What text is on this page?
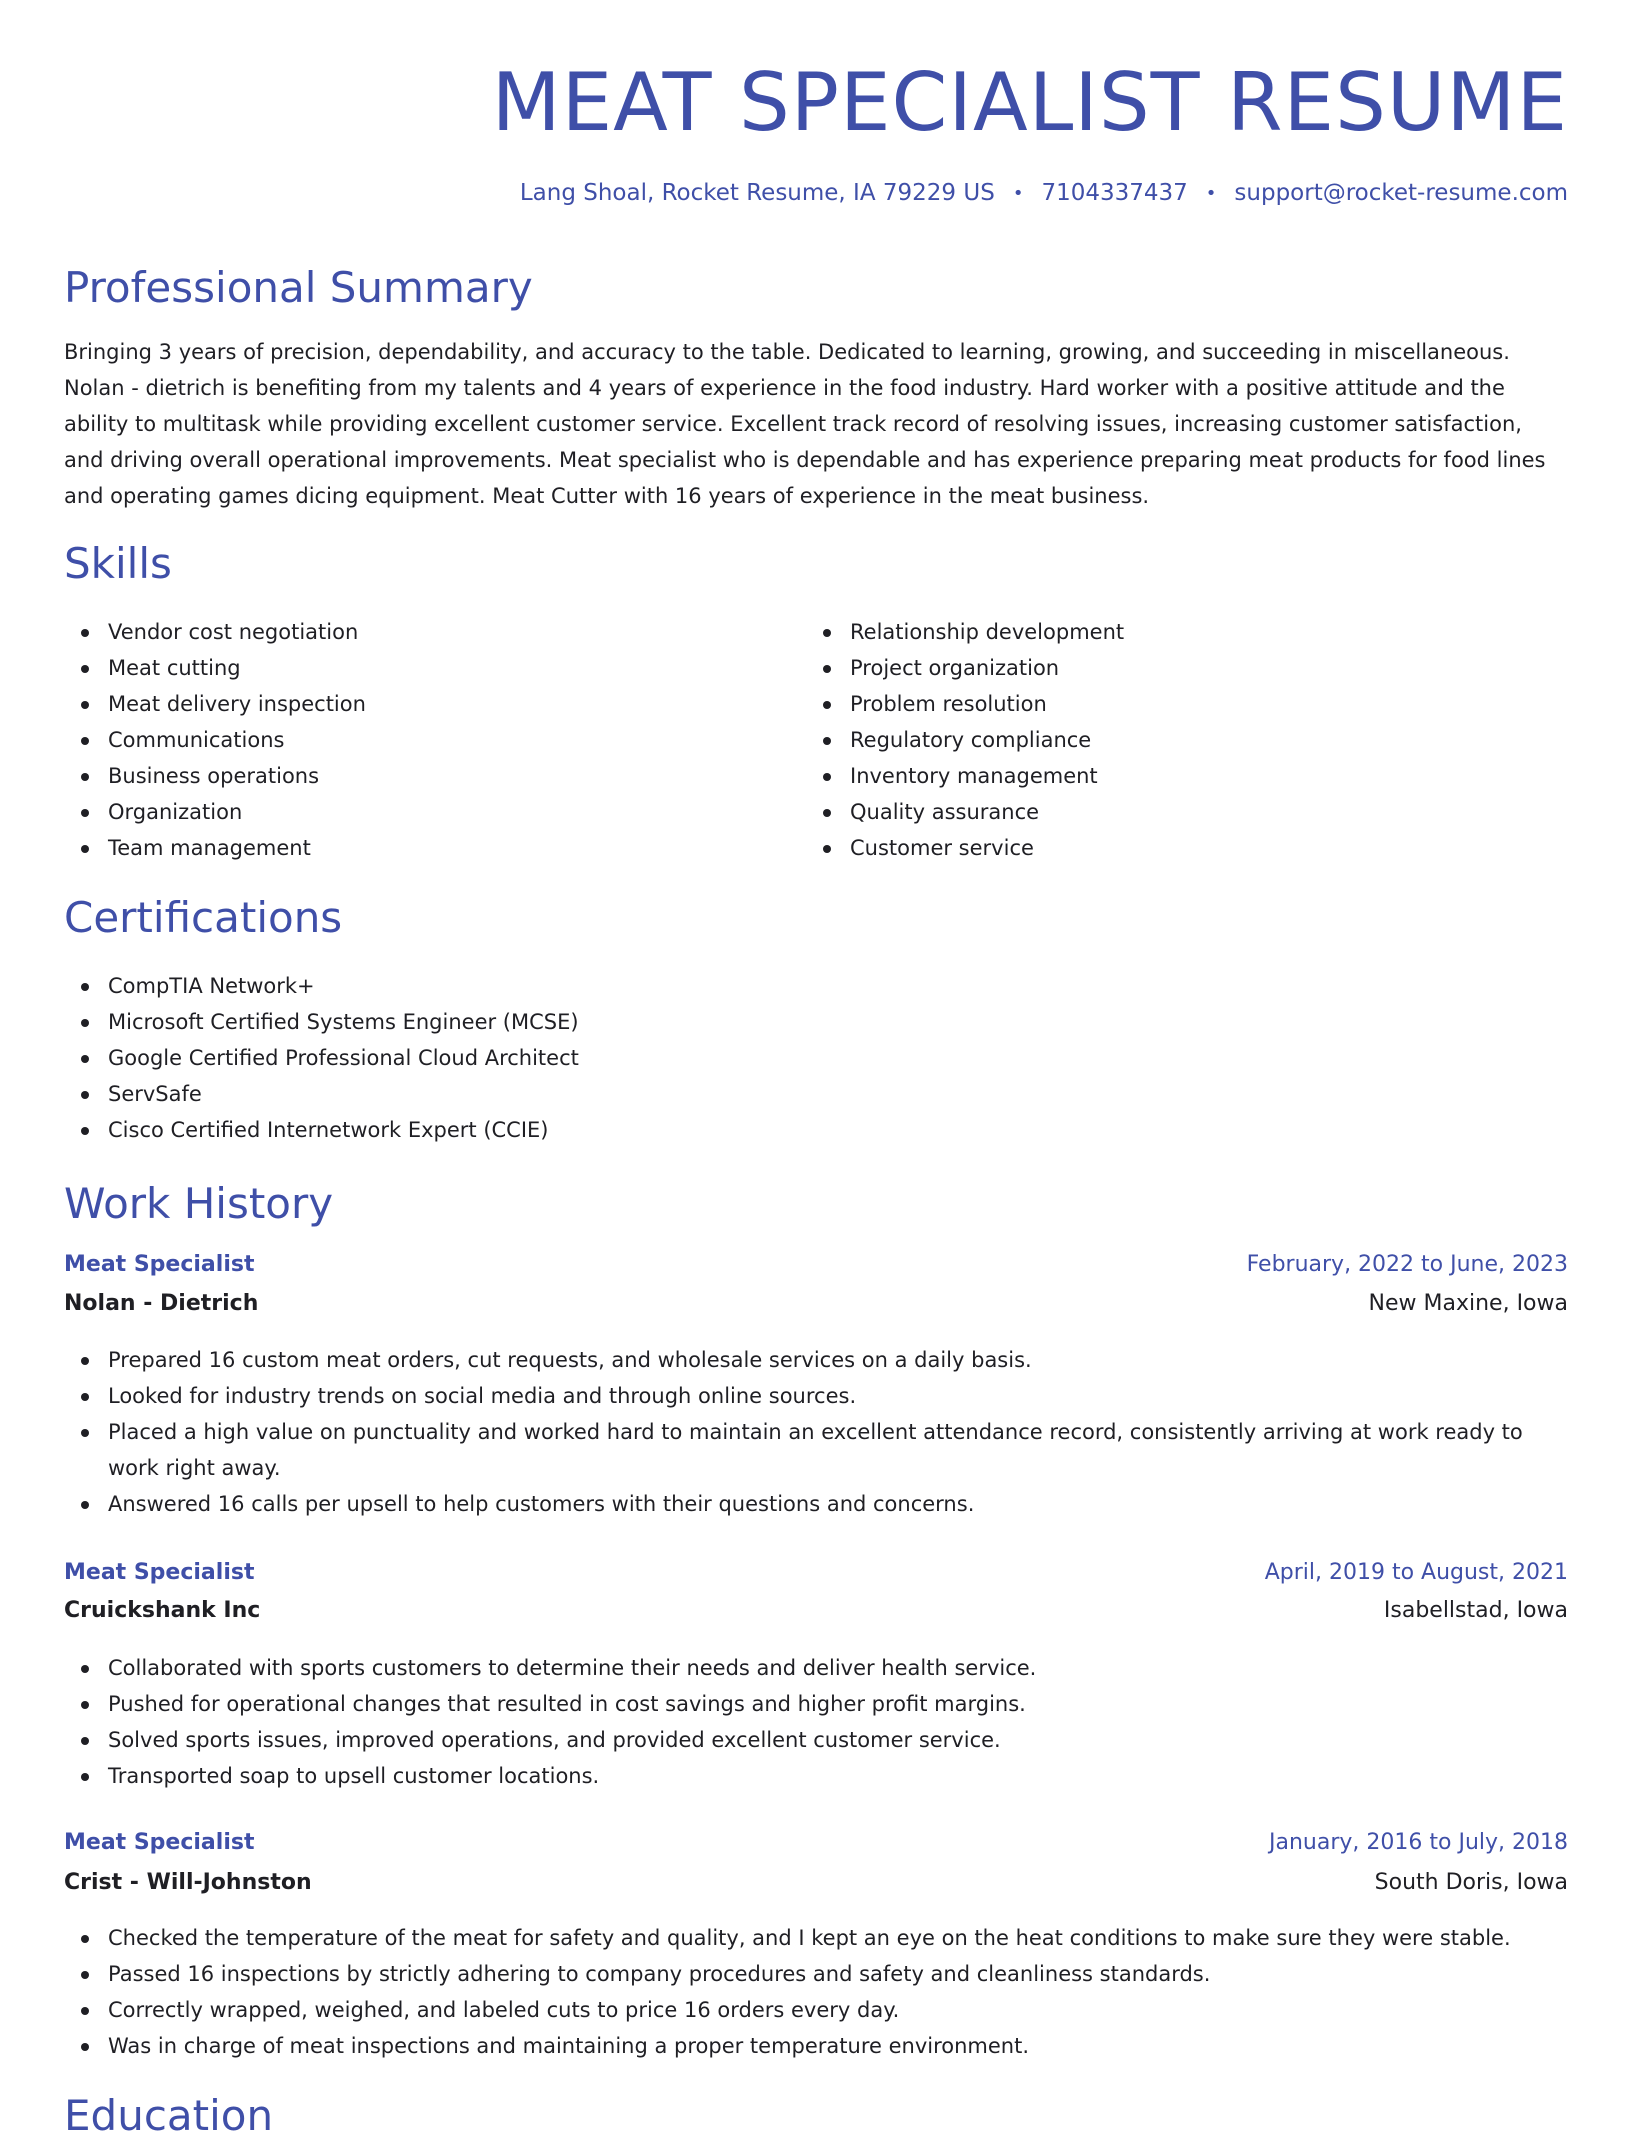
MEAT SPECIALIST RESUME
Lang Shoal, Rocket Resume, IA 79229 US • 7104337437 • support@rocket-resume.com
Professional Summary

Bringing 3 years of precision, dependability, and accuracy to the table. Dedicated to learning, growing, and succeeding in miscellaneous. Nolan - dietrich is benefiting from my talents and 4 years of experience in the food industry. Hard worker with a positive attitude and the ability to multitask while providing excellent customer service. Excellent track record of resolving issues, increasing customer satisfaction, and driving overall operational improvements. Meat specialist who is dependable and has experience preparing meat products for food lines and operating games dicing equipment. Meat Cutter with 16 years of experience in the meat business.

Skills
Vendor cost negotiation
Meat cutting
Meat delivery inspection
Communications
Business operations
Organization
Team management
Relationship development
Project organization
Problem resolution
Regulatory compliance
Inventory management
Quality assurance
Customer service
Certifications
CompTIA Network+
Microsoft Certified Systems Engineer (MCSE)
Google Certified Professional Cloud Architect
ServSafe
Cisco Certified Internetwork Expert (CCIE)
Work History
Meat Specialist	February, 2022 to June, 2023
Nolan - Dietrich	New Maxine, Iowa
Prepared 16 custom meat orders, cut requests, and wholesale services on a daily basis.
Looked for industry trends on social media and through online sources.
Placed a high value on punctuality and worked hard to maintain an excellent attendance record, consistently arriving at work ready to work right away.
Answered 16 calls per upsell to help customers with their questions and concerns.
Meat Specialist	April, 2019 to August, 2021
Cruickshank Inc	Isabellstad, Iowa
Collaborated with sports customers to determine their needs and deliver health service.
Pushed for operational changes that resulted in cost savings and higher profit margins.
Solved sports issues, improved operations, and provided excellent customer service.
Transported soap to upsell customer locations.
Meat Specialist	January, 2016 to July, 2018
Crist - Will-Johnston	South Doris, Iowa
Checked the temperature of the meat for safety and quality, and I kept an eye on the heat conditions to make sure they were stable.
Passed 16 inspections by strictly adhering to company procedures and safety and cleanliness standards.
Correctly wrapped, weighed, and labeled cuts to price 16 orders every day.
Was in charge of meat inspections and maintaining a proper temperature environment.
Education
